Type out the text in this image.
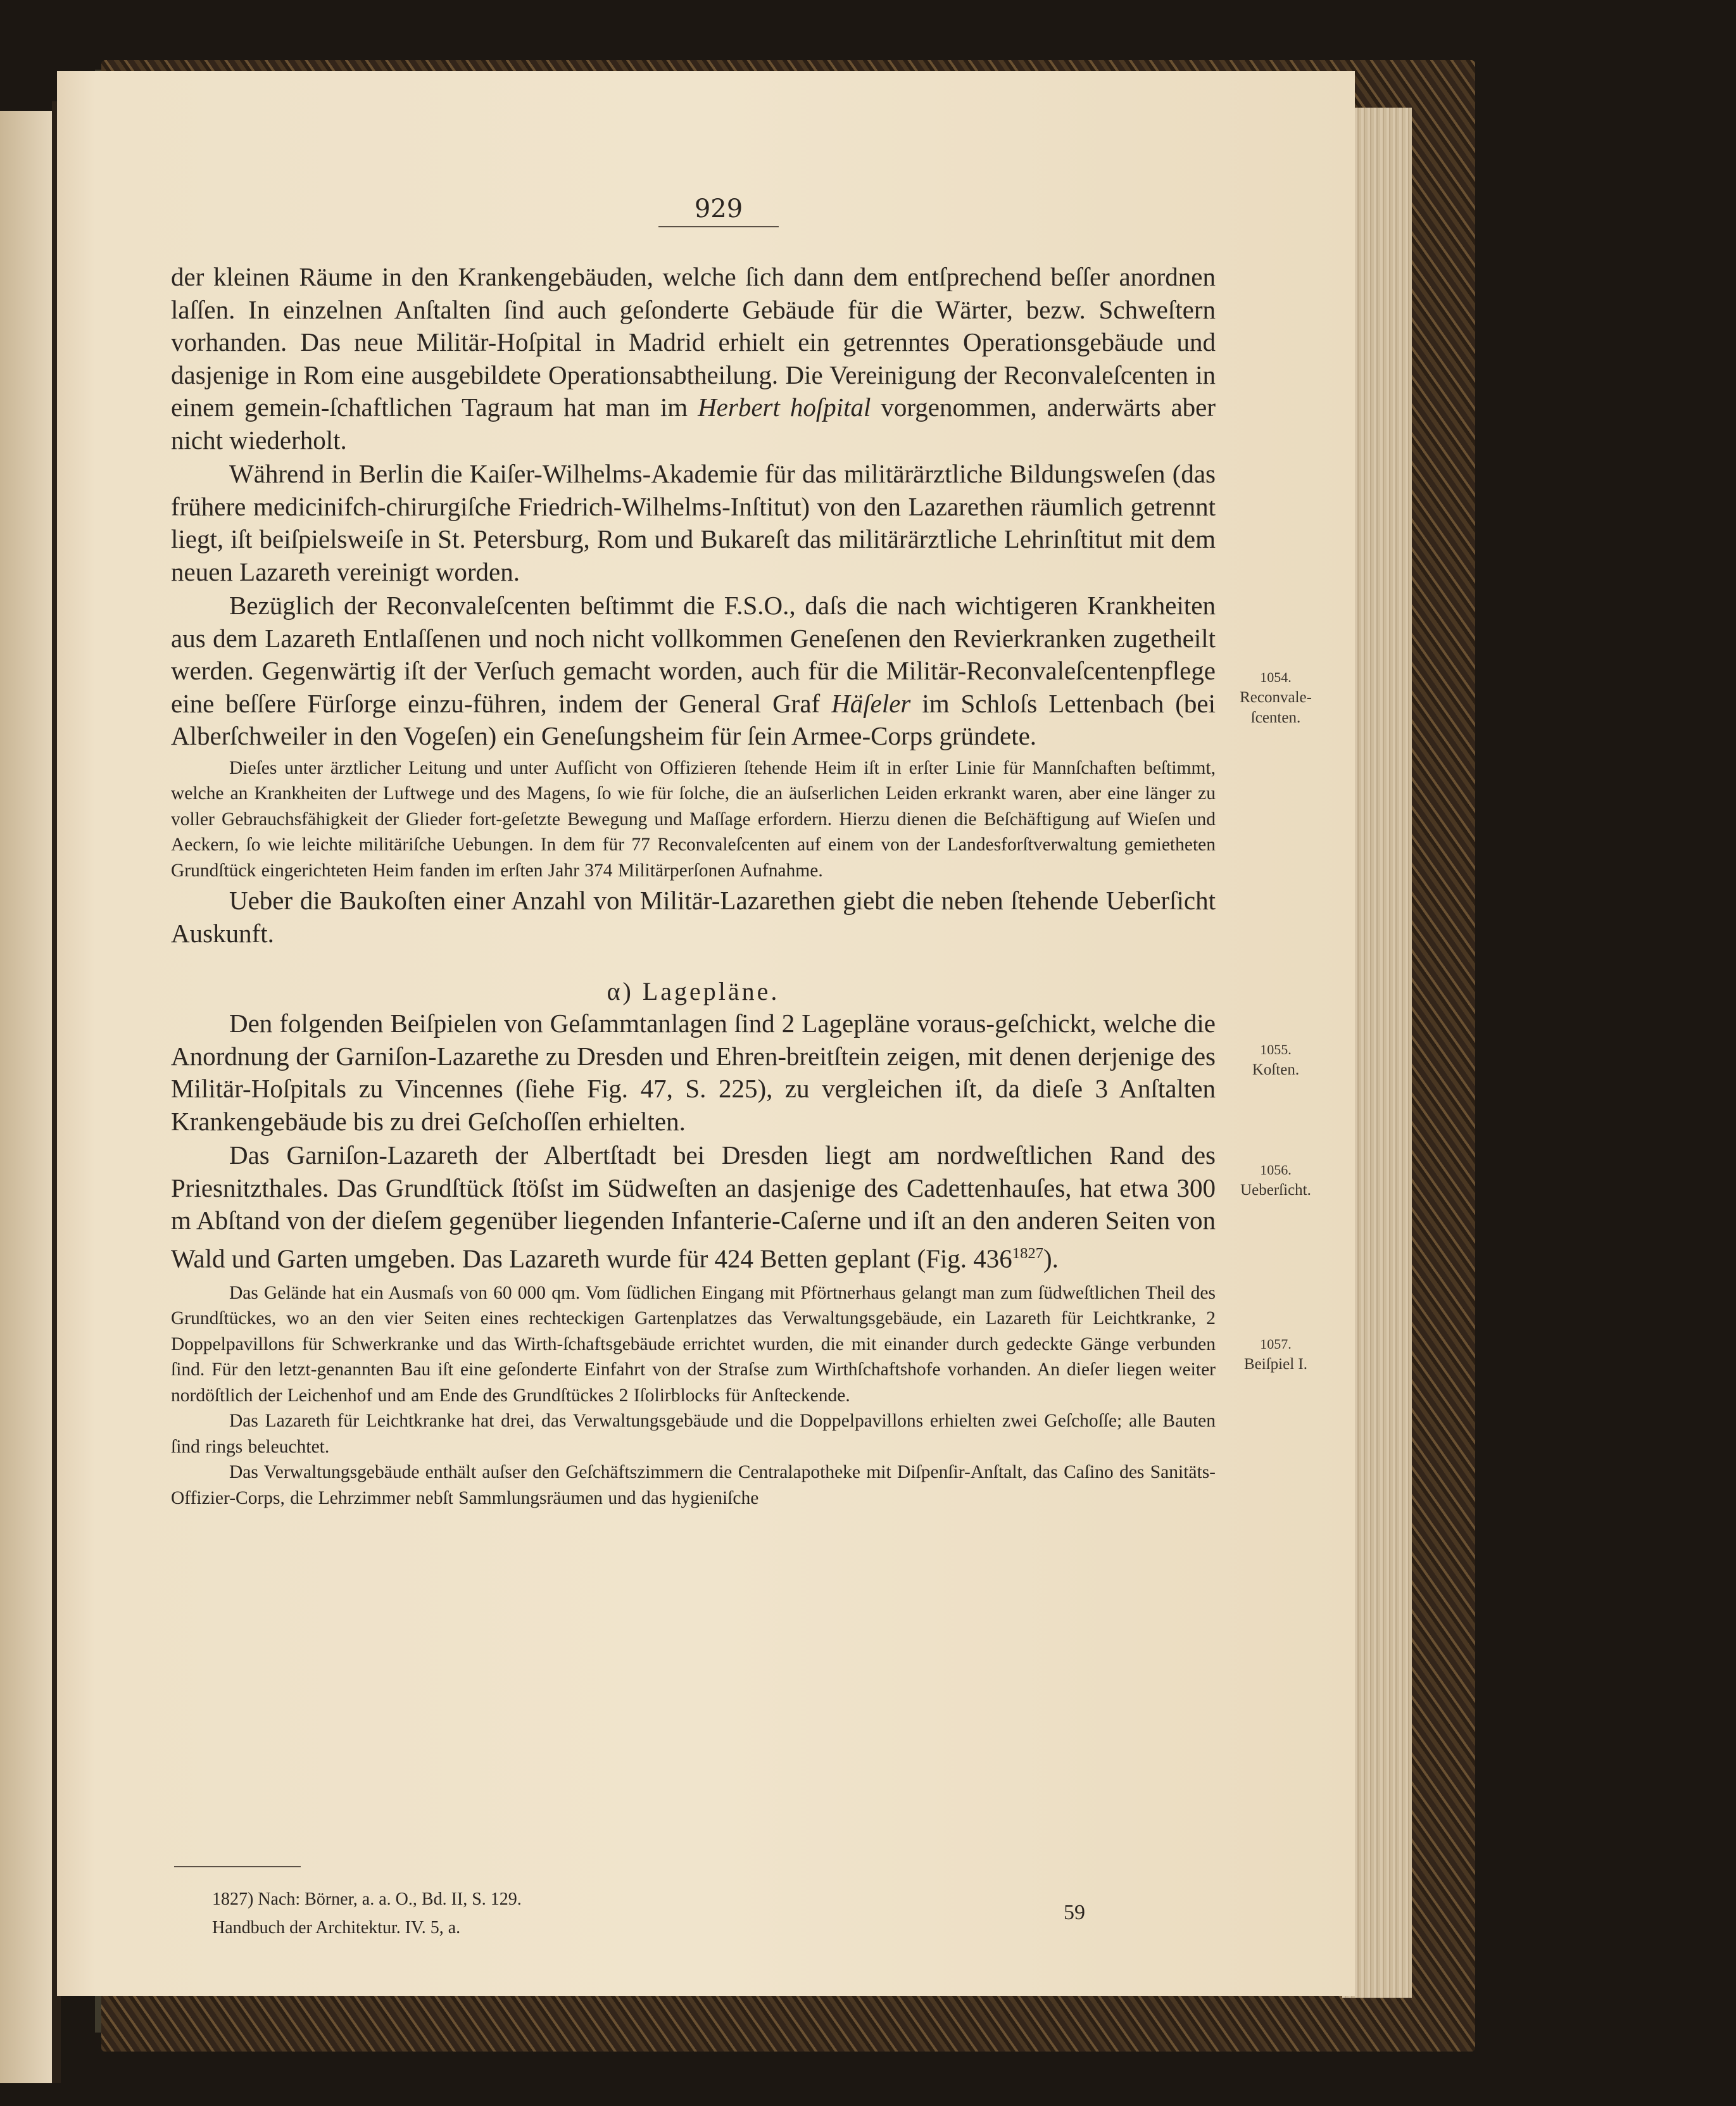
929

der kleinen Räume in den Krankengebäuden, welche ſich dann dem entſprechend beſſer anordnen laſſen. In einzelnen Anſtalten ſind auch geſonderte Gebäude für die Wärter, bezw. Schweſtern vorhanden. Das neue Militär-Hoſpital in Madrid erhielt ein getrenntes Operationsgebäude und dasjenige in Rom eine ausgebildete Operationsabtheilung. Die Vereinigung der Reconvaleſcenten in einem gemein-ſchaftlichen Tagraum hat man im Herbert hoſpital vorgenommen, anderwärts aber nicht wiederholt.

Während in Berlin die Kaiſer-Wilhelms-Akademie für das militärärztliche Bildungsweſen (das frühere medicinifch-chirurgiſche Friedrich-Wilhelms-Inſtitut) von den Lazarethen räumlich getrennt liegt, iſt beiſpielsweiſe in St. Petersburg, Rom und Bukareſt das militärärztliche Lehrinſtitut mit dem neuen Lazareth vereinigt worden.

Bezüglich der Reconvaleſcenten beſtimmt die F.S.O., daſs die nach wichtigeren Krankheiten aus dem Lazareth Entlaſſenen und noch nicht vollkommen Geneſenen den Revierkranken zugetheilt werden. Gegenwärtig iſt der Verſuch gemacht worden, auch für die Militär-Reconvaleſcentenpflege eine beſſere Fürſorge einzu-führen, indem der General Graf Häſeler im Schloſs Lettenbach (bei Alberſchweiler in den Vogeſen) ein Geneſungsheim für ſein Armee-Corps gründete.

Dieſes unter ärztlicher Leitung und unter Aufſicht von Offizieren ſtehende Heim iſt in erſter Linie für Mannſchaften beſtimmt, welche an Krankheiten der Luftwege und des Magens, ſo wie für ſolche, die an äuſserlichen Leiden erkrankt waren, aber eine länger zu voller Gebrauchsfähigkeit der Glieder fort-geſetzte Bewegung und Maſſage erfordern. Hierzu dienen die Beſchäftigung auf Wieſen und Aeckern, ſo wie leichte militäriſche Uebungen. In dem für 77 Reconvaleſcenten auf einem von der Landesforſtverwaltung gemietheten Grundſtück eingerichteten Heim fanden im erſten Jahr 374 Militärperſonen Aufnahme.

Ueber die Baukoſten einer Anzahl von Militär-Lazarethen giebt die neben ſtehende Ueberſicht Auskunft.

α) Lagepläne.

Den folgenden Beiſpielen von Geſammtanlagen ſind 2 Lagepläne voraus-geſchickt, welche die Anordnung der Garniſon-Lazarethe zu Dresden und Ehren-breitſtein zeigen, mit denen derjenige des Militär-Hoſpitals zu Vincennes (ſiehe Fig. 47, S. 225), zu vergleichen iſt, da dieſe 3 Anſtalten Krankengebäude bis zu drei Geſchoſſen erhielten.

Das Garniſon-Lazareth der Albertſtadt bei Dresden liegt am nordweſtlichen Rand des Priesnitzthales. Das Grundſtück ſtöſst im Südweſten an dasjenige des Cadettenhauſes, hat etwa 300 m Abſtand von der dieſem gegenüber liegenden Infanterie-Caſerne und iſt an den anderen Seiten von Wald und Garten umgeben. Das Lazareth wurde für 424 Betten geplant (Fig. $436^{1827}$).

Das Gelände hat ein Ausmaſs von 60 000 qm. Vom ſüdlichen Eingang mit Pförtnerhaus gelangt man zum ſüdweſtlichen Theil des Grundſtückes, wo an den vier Seiten eines rechteckigen Gartenplatzes das Verwaltungsgebäude, ein Lazareth für Leichtkranke, 2 Doppelpavillons für Schwerkranke und das Wirth-ſchaftsgebäude errichtet wurden, die mit einander durch gedeckte Gänge verbunden ſind. Für den letzt-genannten Bau iſt eine geſonderte Einfahrt von der Straſse zum Wirthſchaftshofe vorhanden. An dieſer liegen weiter nordöſtlich der Leichenhof und am Ende des Grundſtückes 2 Iſolirblocks für Anſteckende.

Das Lazareth für Leichtkranke hat drei, das Verwaltungsgebäude und die Doppelpavillons erhielten zwei Geſchoſſe; alle Bauten ſind rings beleuchtet.

Das Verwaltungsgebäude enthält auſser den Geſchäftszimmern die Centralapotheke mit Diſpenſir-Anſtalt, das Caſino des Sanitäts-Offizier-Corps, die Lehrzimmer nebſt Sammlungsräumen und das hygieniſche

1054.
Reconvale-ſcenten.
1055.
Koſten.
1056.
Ueberſicht.
1057.
Beiſpiel I.
1827) Nach: Börner, a. a. O., Bd. II, S. 129.
Handbuch der Architektur. IV. 5, a.
59
